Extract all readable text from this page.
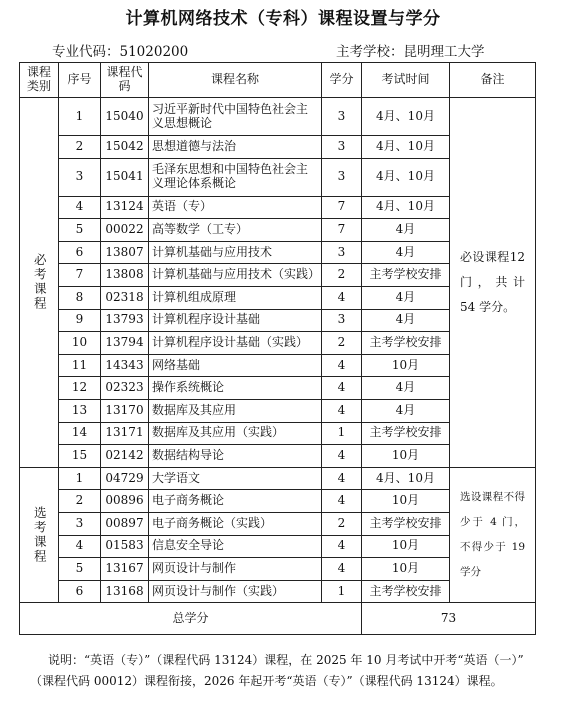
计算机网络技术（专科）课程设置与学分
专业代码：51020200	主考学校：昆明理工大学
课程类别	序号	课程代码	课程名称	学分	考试时间	备注
必考课程	1	15040	习近平新时代中国特色社会主义思想概论	3	4月、10月	必设课程12门，共计 54 学分。
	2	15042	思想道德与法治	3	4月、10月	
	3	15041	毛泽东思想和中国特色社会主义理论体系概论	3	4月、10月	
	4	13124	英语（专）	7	4月、10月	
	5	00022	高等数学（工专）	7	4月	
	6	13807	计算机基础与应用技术	3	4月	
	7	13808	计算机基础与应用技术（实践）	2	主考学校安排	
	8	02318	计算机组成原理	4	4月	
	9	13793	计算机程序设计基础	3	4月	
	10	13794	计算机程序设计基础（实践）	2	主考学校安排	
	11	14343	网络基础	4	10月	
	12	02323	操作系统概论	4	4月	
	13	13170	数据库及其应用	4	4月	
	14	13171	数据库及其应用（实践）	1	主考学校安排	
	15	02142	数据结构导论	4	10月	
选考课程	1	04729	大学语文	4	4月、10月	选设课程不得少于 4 门，不得少于 19 学分
	2	00896	电子商务概论	4	10月	
	3	00897	电子商务概论（实践）	2	主考学校安排	
	4	01583	信息安全导论	4	10月	
	5	13167	网页设计与制作	4	10月	
	6	13168	网页设计与制作（实践）	1	主考学校安排	
总学分					73	
说明：“英语（专）”（课程代码 13124）课程，在 2025 年 10 月考试中开考“英语（一）”
（课程代码 00012）课程衔接，2026 年起开考“英语（专）”（课程代码 13124）课程。
